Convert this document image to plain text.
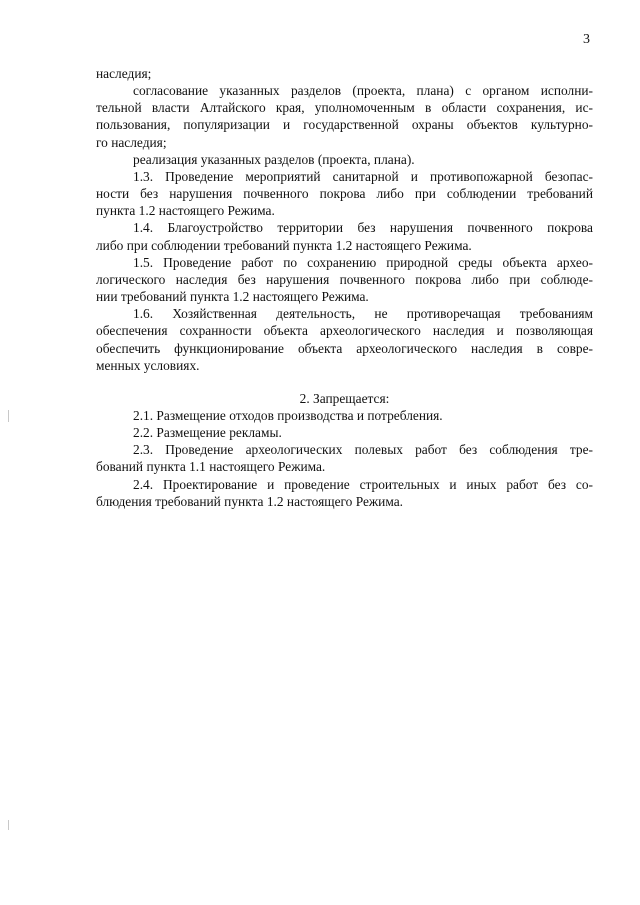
3
наследия;
согласование указанных разделов (проекта, плана) с органом исполни-
тельной власти Алтайского края, уполномоченным в области сохранения, ис-
пользования, популяризации и государственной охраны объектов культурно-
го наследия;
реализация указанных разделов (проекта, плана).
1.3. Проведение мероприятий санитарной и противопожарной безопас-
ности без нарушения почвенного покрова либо при соблюдении требований
пункта 1.2 настоящего Режима.
1.4. Благоустройство территории без нарушения почвенного покрова
либо при соблюдении требований пункта 1.2 настоящего Режима.
1.5. Проведение работ по сохранению природной среды объекта архео-
логического наследия без нарушения почвенного покрова либо при соблюде-
нии требований пункта 1.2 настоящего Режима.
1.6. Хозяйственная деятельность, не противоречащая требованиям
обеспечения сохранности объекта археологического наследия и позволяющая
обеспечить функционирование объекта археологического наследия в совре-
менных условиях.
2. Запрещается:
2.1. Размещение отходов производства и потребления.
2.2. Размещение рекламы.
2.3. Проведение археологических полевых работ без соблюдения тре-
бований пункта 1.1 настоящего Режима.
2.4. Проектирование и проведение строительных и иных работ без со-
блюдения требований пункта 1.2 настоящего Режима.
